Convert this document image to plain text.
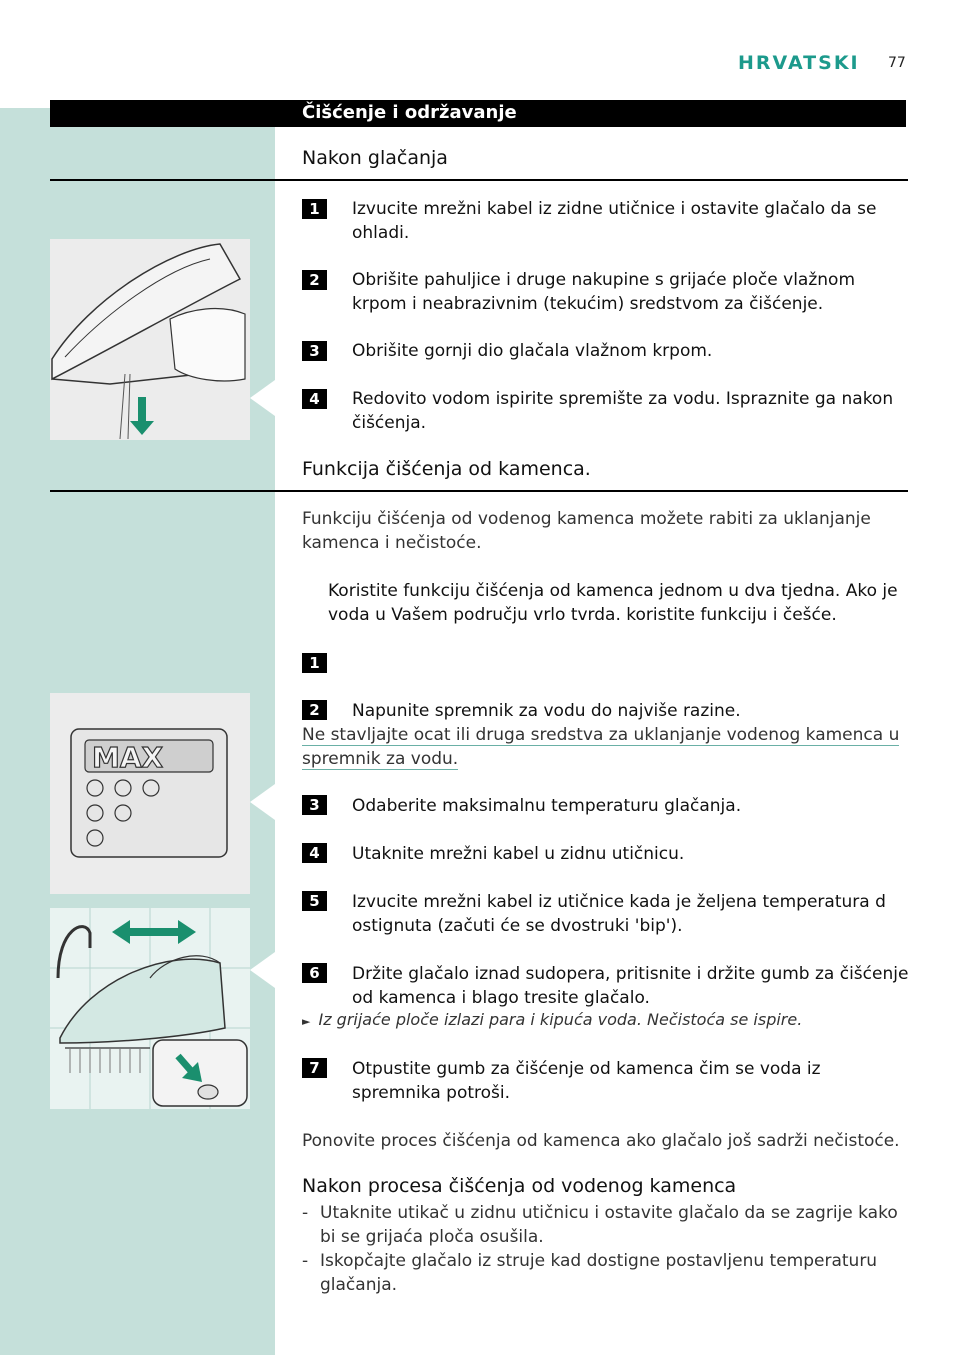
HRVATSKI 77
Čišćenje i održavanje
Nakon glačanja
1	Izvucite mrežni kabel iz zidne utičnice i ostavite glačalo da se ohladi.
2	Obrišite pahuljice i druge nakupine s grijaće ploče vlažnom krpom i neabrazivnim (tekućim) sredstvom za čišćenje.
3	Obrišite gornji dio glačala vlažnom krpom.
4	Redovito vodom ispirite spremište za vodu. Ispraznite ga nakon čišćenja.
Funkcija čišćenja od kamenca.
Funkciju čišćenja od vodenog kamenca možete rabiti za uklanjanje kamenca i nečistoće.
Koristite funkciju čišćenja od kamenca jednom u dva tjedna. Ako je voda u Vašem području vrlo tvrda. koristite funkciju i češće.
1
2	Napunite spremnik za vodu do najviše razine.
Ne stavljajte ocat ili druga sredstva za uklanjanje vodenog kamenca u spremnik za vodu.
MAX
3	Odaberite maksimalnu temperaturu glačanja.
4	Utaknite mrežni kabel u zidnu utičnicu.
5	Izvucite mrežni kabel iz utičnice kada je željena temperatura d ostignuta (začuti će se dvostruki 'bip').
6	Držite glačalo iznad sudopera, pritisnite i držite gumb za čišćenje od kamenca i blago tresite glačalo.
► Iz grijaće ploče izlazi para i kipuća voda. Nečistoća se ispire.
7	Otpustite gumb za čišćenje od kamenca čim se voda iz spremnika potroši.
Ponovite proces čišćenja od kamenca ako glačalo još sadrži nečistoće.
Nakon procesa čišćenja od vodenog kamenca
- Utaknite utikač u zidnu utičnicu i ostavite glačalo da se zagrije kako bi se grijaća ploča osušila.
- Iskopčajte glačalo iz struje kad dostigne postavljenu temperaturu glačanja.
